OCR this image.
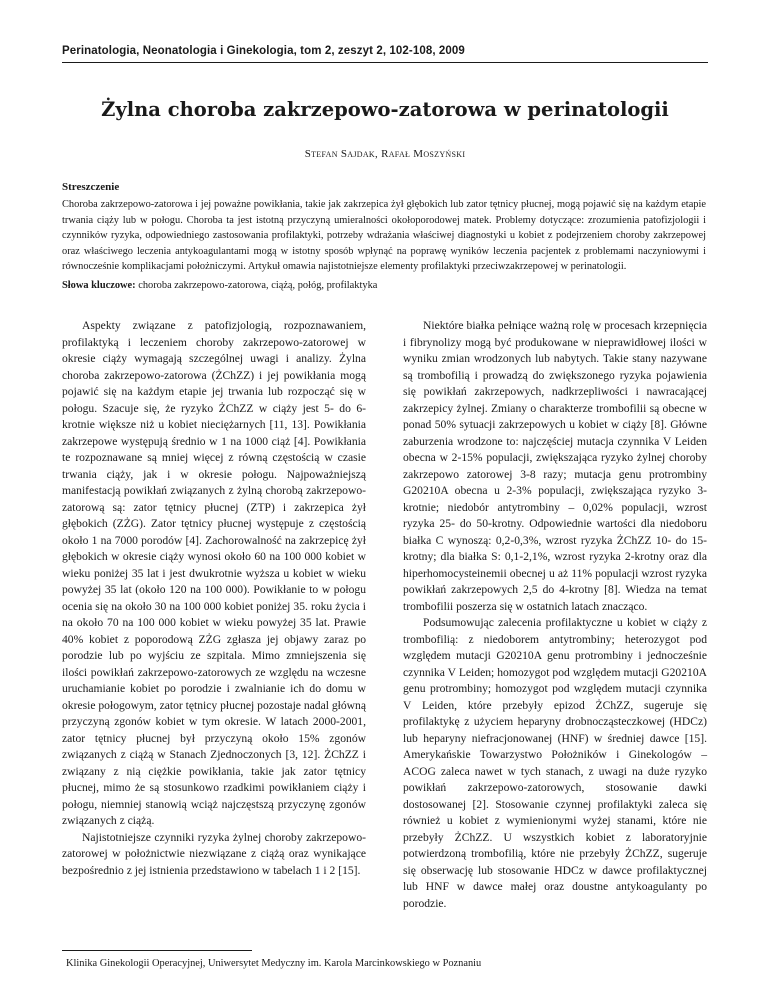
Perinatologia, Neonatologia i Ginekologia, tom 2, zeszyt 2, 102-108, 2009
Żylna choroba zakrzepowo-zatorowa w perinatologii
Stefan Sajdak, Rafał Moszyński
Streszczenie

Choroba zakrzepowo-zatorowa i jej poważne powikłania, takie jak zakrzepica żył głębokich lub zator tętnicy płucnej, mogą pojawić się na każdym etapie trwania ciąży lub w połogu. Choroba ta jest istotną przyczyną umieralności okołoporodowej matek. Problemy dotyczące: zrozumienia patofizjologii i czynników ryzyka, odpowiedniego zastosowania profilaktyki, potrzeby wdrażania właściwej diagnostyki u kobiet z podejrzeniem choroby zakrzepowej oraz właściwego leczenia antykoagulantami mogą w istotny sposób wpłynąć na poprawę wyników leczenia pacjentek z problemami naczyniowymi i równocześnie komplikacjami położniczymi. Artykuł omawia najistotniejsze elementy profilaktyki przeciwzakrzepowej w perinatologii.

Słowa kluczowe: choroba zakrzepowo-zatorowa, ciążą, połóg, profilaktyka

Aspekty związane z patofizjologią, rozpoznawaniem, profilaktyką i leczeniem choroby zakrzepowo-zatorowej w okresie ciąży wymagają szczególnej uwagi i analizy. Żylna choroba zakrzepowo-zatorowa (ŻChZZ) i jej powikłania mogą pojawić się na każdym etapie jej trwania lub rozpocząć się w połogu. Szacuje się, że ryzyko ŻChZZ w ciąży jest 5- do 6-krotnie większe niż u kobiet nieciężarnych [11, 13]. Powikłania zakrzepowe występują średnio w 1 na 1000 ciąż [4]. Powikłania te rozpoznawane są mniej więcej z równą częstością w czasie trwania ciąży, jak i w okresie połogu. Najpoważniejszą manifestacją powikłań związanych z żylną chorobą zakrzepowo-zatorową są: zator tętnicy płucnej (ZTP) i zakrzepica żył głębokich (ZŻG). Zator tętnicy płucnej występuje z częstością około 1 na 7000 porodów [4]. Zachorowalność na zakrzepicę żył głębokich w okresie ciąży wynosi około 60 na 100 000 kobiet w wieku poniżej 35 lat i jest dwukrotnie wyższa u kobiet w wieku powyżej 35 lat (około 120 na 100 000). Powikłanie to w połogu ocenia się na około 30 na 100 000 kobiet poniżej 35. roku życia i na około 70 na 100 000 kobiet w wieku powyżej 35 lat. Prawie 40% kobiet z poporodową ZŻG zgłasza jej objawy zaraz po porodzie lub po wyjściu ze szpitala. Mimo zmniejszenia się ilości powikłań zakrzepowo-zatorowych ze względu na wczesne uruchamianie kobiet po porodzie i zwalnianie ich do domu w okresie połogowym, zator tętnicy płucnej pozostaje nadal główną przyczyną zgonów kobiet w tym okresie. W latach 2000-2001, zator tętnicy płucnej był przyczyną około 15% zgonów związanych z ciążą w Stanach Zjednoczonych [3, 12]. ŻChZZ i związany z nią ciężkie powikłania, takie jak zator tętnicy płucnej, mimo że są stosunkowo rzadkimi powikłaniem ciąży i połogu, niemniej stanowią wciąż najczęstszą przyczynę zgonów związanych z ciążą.

Najistotniejsze czynniki ryzyka żylnej choroby zakrzepowo-zatorowej w położnictwie niezwiązane z ciążą oraz wynikające bezpośrednio z jej istnienia przedstawiono w tabelach 1 i 2 [15].

Niektóre białka pełniące ważną rolę w procesach krzepnięcia i fibrynolizy mogą być produkowane w nieprawidłowej ilości w wyniku zmian wrodzonych lub nabytych. Takie stany nazywane są trombofilią i prowadzą do zwiększonego ryzyka pojawienia się powikłań zakrzepowych, nadkrzepliwości i nawracającej zakrzepicy żylnej. Zmiany o charakterze trombofilii są obecne w ponad 50% sytuacji zakrzepowych u kobiet w ciąży [8]. Główne zaburzenia wrodzone to: najczęściej mutacja czynnika V Leiden obecna w 2-15% populacji, zwiększająca ryzyko żylnej choroby zakrzepowo zatorowej 3-8 razy; mutacja genu protrombiny G20210A obecna u 2-3% populacji, zwiększająca ryzyko 3-krotnie; niedobór antytrombiny – 0,02% populacji, wzrost ryzyka 25- do 50-krotny. Odpowiednie wartości dla niedoboru białka C wynoszą: 0,2-0,3%, wzrost ryzyka ŻChZZ 10- do 15-krotny; dla białka S: 0,1-2,1%, wzrost ryzyka 2-krotny oraz dla hiperhomocysteinemii obecnej u aż 11% populacji wzrost ryzyka powikłań zakrzepowych 2,5 do 4-krotny [8]. Wiedza na temat trombofilii poszerza się w ostatnich latach znacząco.

Podsumowując zalecenia profilaktyczne u kobiet w ciąży z trombofilią: z niedoborem antytrombiny; heterozygot pod względem mutacji G20210A genu protrombiny i jednocześnie czynnika V Leiden; homozygot pod względem mutacji G20210A genu protrombiny; homozygot pod względem mutacji czynnika V Leiden, które przebyły epizod ŻChZZ, sugeruje się profilaktykę z użyciem heparyny drobnocząsteczkowej (HDCz) lub heparyny niefracjonowanej (HNF) w średniej dawce [15]. Amerykańskie Towarzystwo Położników i Ginekologów – ACOG zaleca nawet w tych stanach, z uwagi na duże ryzyko powikłań zakrzepowo-zatorowych, stosowanie dawki dostosowanej [2]. Stosowanie czynnej profilaktyki zaleca się również u kobiet z wymienionymi wyżej stanami, które nie przebyły ŻChZZ. U wszystkich kobiet z laboratoryjnie potwierdzoną trombofilią, które nie przebyły ŻChZZ, sugeruje się obserwację lub stosowanie HDCz w dawce profilaktycznej lub HNF w dawce małej oraz doustne antykoagulanty po porodzie.

Klinika Ginekologii Operacyjnej, Uniwersytet Medyczny im. Karola Marcinkowskiego w Poznaniu
